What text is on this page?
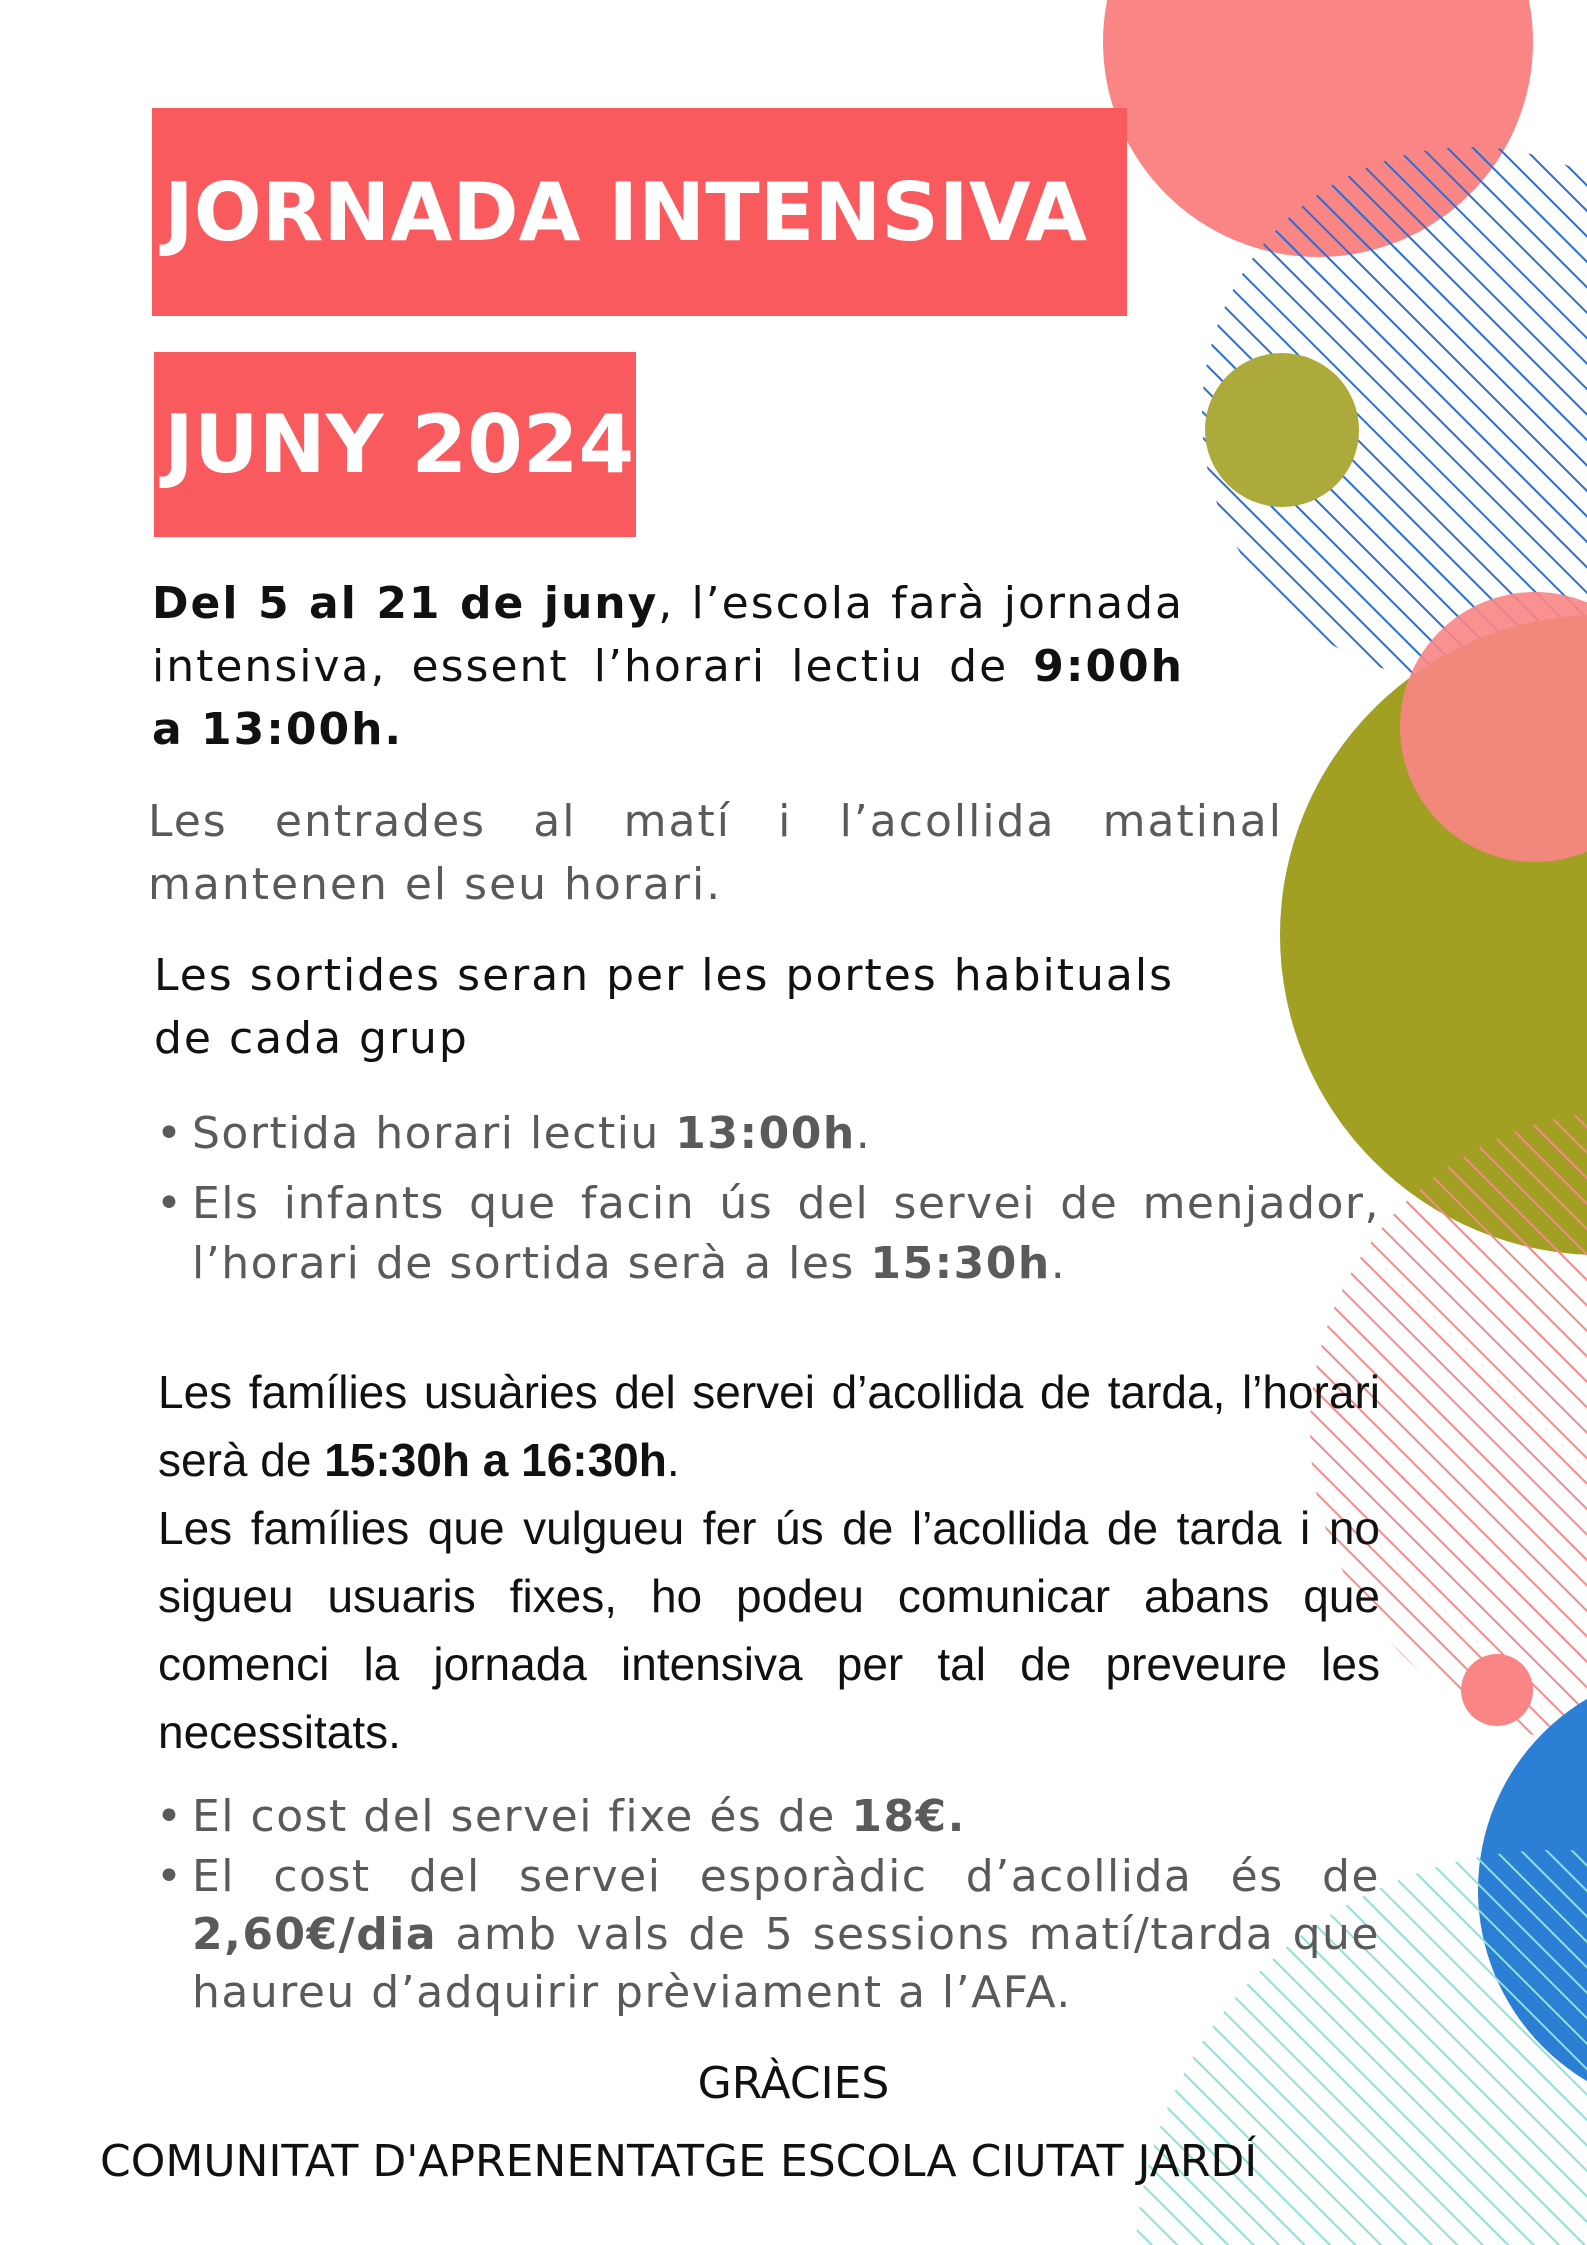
JORNADA INTENSIVA
JUNY 2024

Del 5 al 21 de juny, l’escola farà jornada intensiva, essent l’horari lectiu de 9:00h a 13:00h.

Les entrades al matí i l’acollida matinal mantenen el seu horari.

Les sortides seran per les portes habituals de cada grup

• Sortida horari lectiu 13:00h.
• Els infants que facin ús del servei de menjador, l’horari de sortida serà a les 15:30h.

Les famílies usuàries del servei d’acollida de tarda, l’horari serà de 15:30h a 16:30h.
Les famílies que vulgueu fer ús de l’acollida de tarda i no sigueu usuaris fixes, ho podeu comunicar abans que comenci la jornada intensiva per tal de preveure les necessitats.

• El cost del servei fixe és de 18€.
• El cost del servei esporàdic d’acollida és de 2,60€/dia amb vals de 5 sessions matí/tarda que haureu d’adquirir prèviament a l’AFA.
GRÀCIES
COMUNITAT D'APRENENTATGE ESCOLA CIUTAT JARDÍ
